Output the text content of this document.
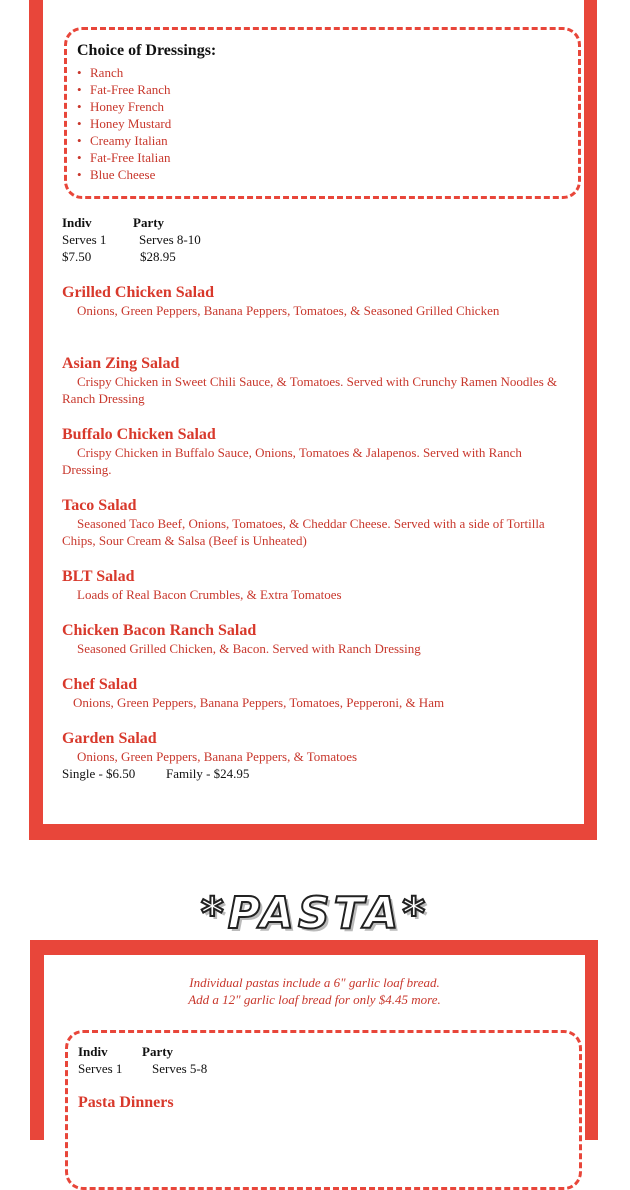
Choice of Dressings:
• Ranch
• Fat-Free Ranch
• Honey French
• Honey Mustard
• Creamy Italian
• Fat-Free Italian
• Blue Cheese
Indiv	Party
Serves 1	Serves 8-10
$7.50	$28.95
Grilled Chicken Salad
Onions, Green Peppers, Banana Peppers, Tomatoes, & Seasoned Grilled Chicken
Asian Zing Salad
Crispy Chicken in Sweet Chili Sauce, & Tomatoes. Served with Crunchy Ramen Noodles & Ranch Dressing
Buffalo Chicken Salad
Crispy Chicken in Buffalo Sauce, Onions, Tomatoes & Jalapenos. Served with Ranch Dressing.
Taco Salad
Seasoned Taco Beef, Onions, Tomatoes, & Cheddar Cheese. Served with a side of Tortilla Chips, Sour Cream & Salsa (Beef is Unheated)
BLT Salad
Loads of Real Bacon Crumbles, & Extra Tomatoes
Chicken Bacon Ranch Salad
Seasoned Grilled Chicken, & Bacon. Served with Ranch Dressing
Chef Salad
Onions, Green Peppers, Banana Peppers, Tomatoes, Pepperoni, & Ham
Garden Salad
Onions, Green Peppers, Banana Peppers, & Tomatoes
Single - $6.50 Family - $24.95
*PASTA*
Individual pastas include a 6" garlic loaf bread.
Add a 12" garlic loaf bread for only $4.45 more.
Indiv	Party
Serves 1 Serves 5-8
Pasta Dinners
